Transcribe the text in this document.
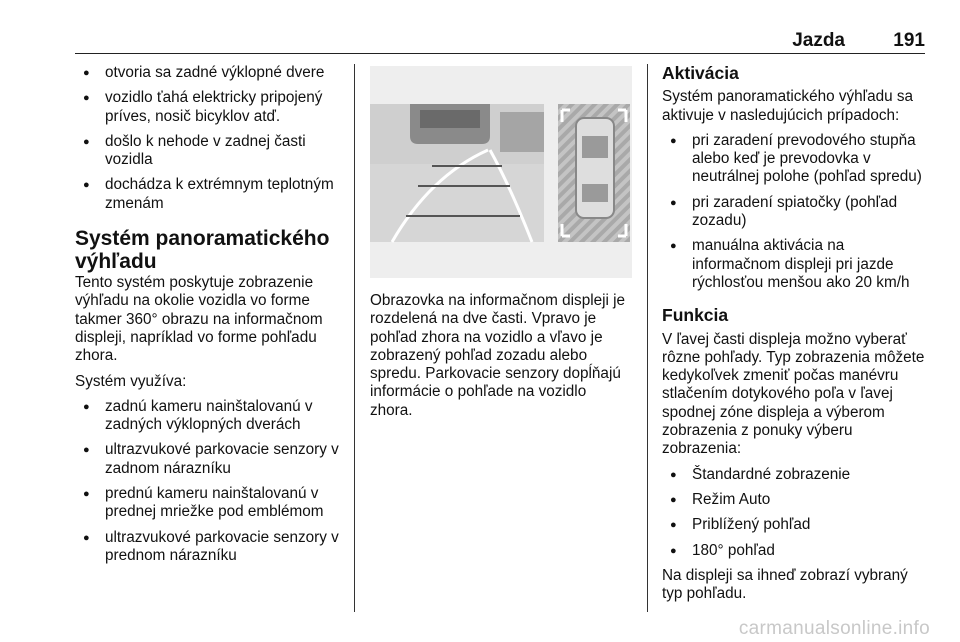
Jazda	191
● otvoria sa zadné výklopné dvere
● vozidlo ťahá elektricky pripojený príves, nosič bicyklov atď.
● došlo k nehode v zadnej časti vozidla
● dochádza k extrémnym teplotným zmenám
Systém panoramatického výhľadu

Tento systém poskytuje zobrazenie výhľadu na okolie vozidla vo forme takmer 360° obrazu na informačnom displeji, napríklad vo forme pohľadu zhora.

Systém využíva:

● zadnú kameru nainštalovanú v zadných výklopných dverách
● ultrazvukové parkovacie senzory v zadnom nárazníku
● prednú kameru nainštalovanú v prednej mriežke pod emblémom
● ultrazvukové parkovacie senzory v prednom nárazníku

Obrazovka na informačnom displeji je rozdelená na dve časti. Vpravo je pohľad zhora na vozidlo a vľavo je zobrazený pohľad zozadu alebo spredu. Parkovacie senzory dopĺňajú informácie o pohľade na vozidlo zhora.

Aktivácia

Systém panoramatického výhľadu sa aktivuje v nasledujúcich prípadoch:

● pri zaradení prevodového stupňa alebo keď je prevodovka v neutrálnej polohe (pohľad spredu)
● pri zaradení spiatočky (pohľad zozadu)
● manuálna aktivácia na informačnom displeji pri jazde rýchlosťou menšou ako 20 km/h
Funkcia

V ľavej časti displeja možno vyberať rôzne pohľady. Typ zobrazenia môžete kedykoľvek zmeniť počas manévru stlačením dotykového poľa v ľavej spodnej zóne displeja a výberom zobrazenia z ponuky výberu zobrazenia:

● Štandardné zobrazenie
● Režim Auto
● Priblížený pohľad
● 180° pohľad

Na displeji sa ihneď zobrazí vybraný typ pohľadu.

carmanualsonline.info
